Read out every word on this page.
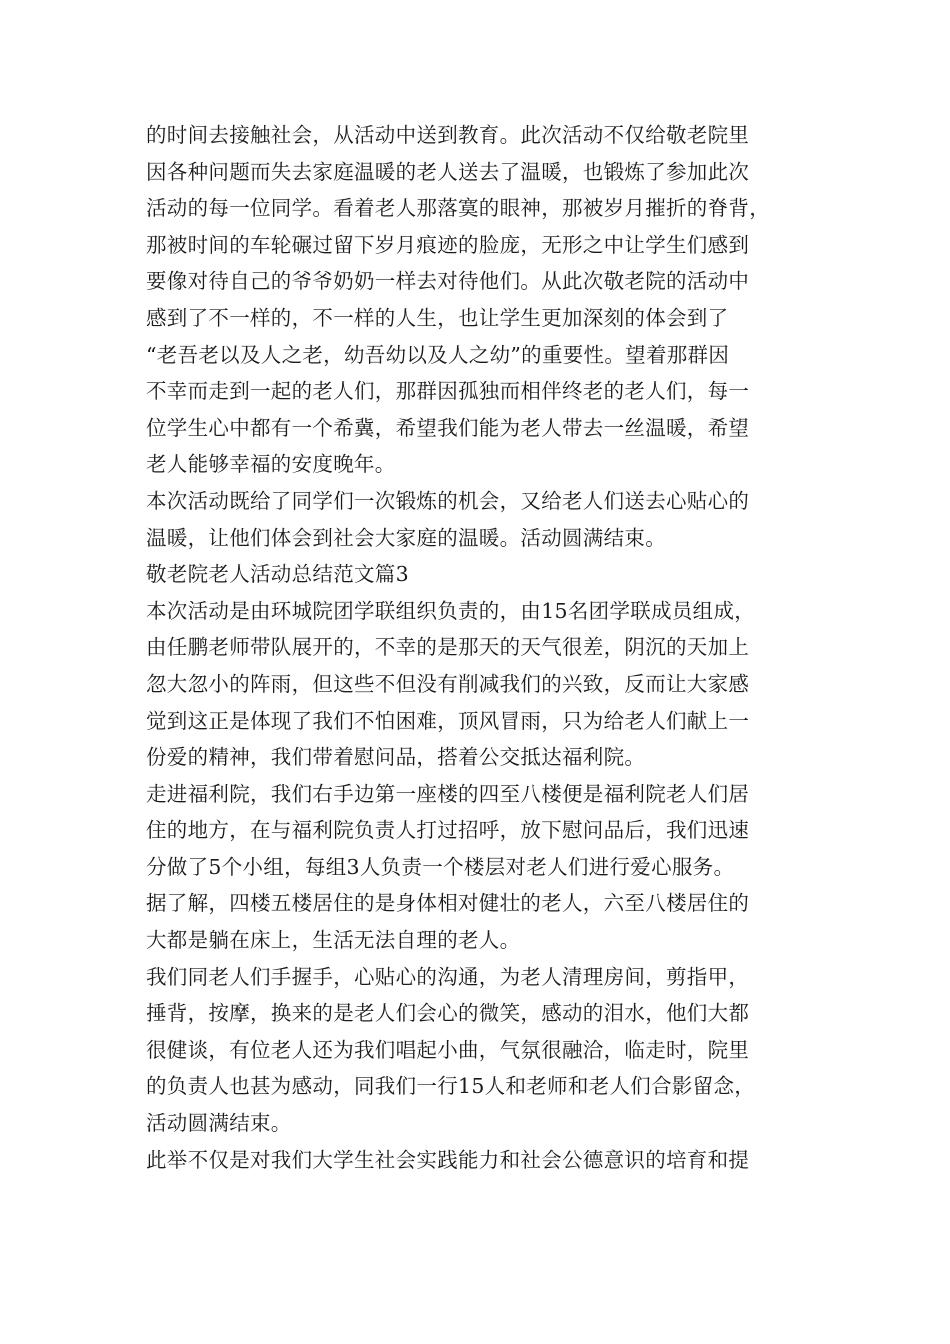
的时间去接触社会，从活动中送到教育。此次活动不仅给敬老院里
因各种问题而失去家庭温暖的老人送去了温暖，也锻炼了参加此次
活动的每一位同学。看着老人那落寞的眼神，那被岁月摧折的脊背，
那被时间的车轮碾过留下岁月痕迹的脸庞，无形之中让学生们感到
要像对待自己的爷爷奶奶一样去对待他们。从此次敬老院的活动中
感到了不一样的，不一样的人生，也让学生更加深刻的体会到了
“老吾老以及人之老，幼吾幼以及人之幼”的重要性。望着那群因
不幸而走到一起的老人们，那群因孤独而相伴终老的老人们，每一
位学生心中都有一个希冀，希望我们能为老人带去一丝温暖，希望
老人能够幸福的安度晚年。
本次活动既给了同学们一次锻炼的机会，又给老人们送去心贴心的
温暖，让他们体会到社会大家庭的温暖。活动圆满结束。
敬老院老人活动总结范文篇3
本次活动是由环城院团学联组织负责的，由15名团学联成员组成，
由任鹏老师带队展开的，不幸的是那天的天气很差，阴沉的天加上
忽大忽小的阵雨，但这些不但没有削减我们的兴致，反而让大家感
觉到这正是体现了我们不怕困难，顶风冒雨，只为给老人们献上一
份爱的精神，我们带着慰问品，搭着公交抵达福利院。
走进福利院，我们右手边第一座楼的四至八楼便是福利院老人们居
住的地方，在与福利院负责人打过招呼，放下慰问品后，我们迅速
分做了5个小组，每组3人负责一个楼层对老人们进行爱心服务。
据了解，四楼五楼居住的是身体相对健壮的老人，六至八楼居住的
大都是躺在床上，生活无法自理的老人。
我们同老人们手握手，心贴心的沟通，为老人清理房间，剪指甲，
捶背，按摩，换来的是老人们会心的微笑，感动的泪水，他们大都
很健谈，有位老人还为我们唱起小曲，气氛很融洽，临走时，院里
的负责人也甚为感动，同我们一行15人和老师和老人们合影留念，
活动圆满结束。
此举不仅是对我们大学生社会实践能力和社会公德意识的培育和提
